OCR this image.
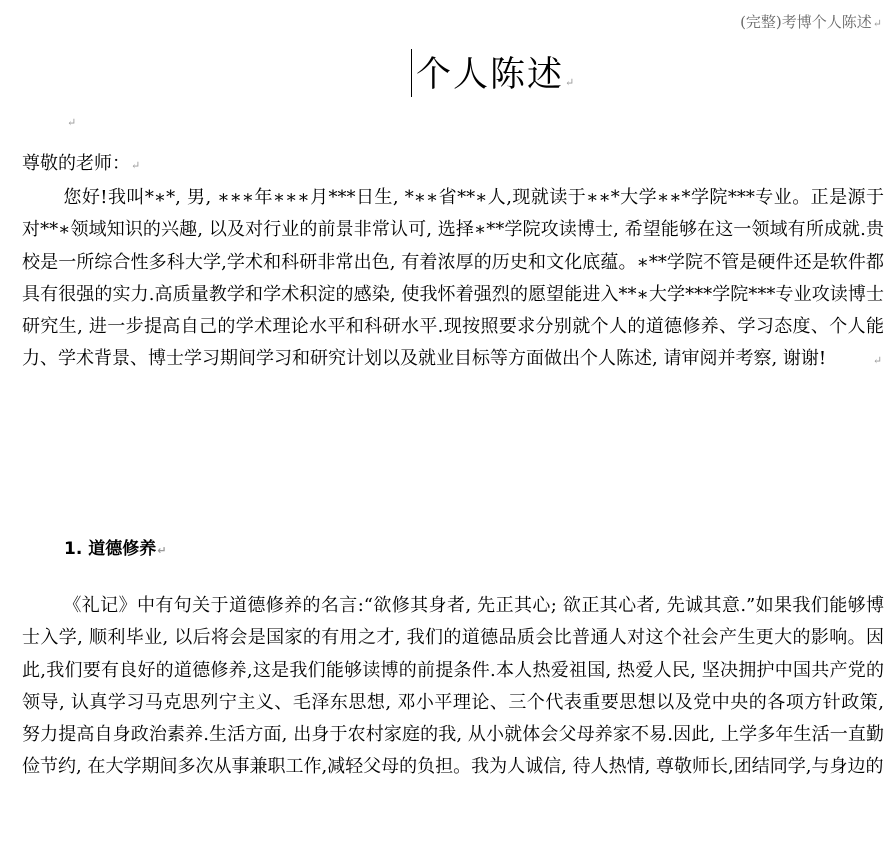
(完整)考博个人陈述↵
个人陈述↵
↵
尊敬的老师：↵

您好!我叫*∗*, 男, ∗∗∗年∗∗∗月***日生, *∗∗省**∗人,现就读于∗∗*大学∗∗*学院***专业。正是源于对**∗领域知识的兴趣, 以及对行业的前景非常认可, 选择∗**学院攻读博士, 希望能够在这一领域有所成就.贵校是一所综合性多科大学,学术和科研非常出色, 有着浓厚的历史和文化底蕴。∗**学院不管是硬件还是软件都具有很强的实力.高质量教学和学术积淀的感染, 使我怀着强烈的愿望能进入**∗大学***学院***专业攻读博士研究生, 进一步提高自己的学术理论水平和科研水平.现按照要求分别就个人的道德修养、学习态度、个人能力、学术背景、博士学习期间学习和研究计划以及就业目标等方面做出个人陈述, 请审阅并考察, 谢谢!	↵

1. 道德修养↵

《礼记》中有句关于道德修养的名言:“欲修其身者, 先正其心; 欲正其心者, 先诚其意.”如果我们能够博士入学, 顺利毕业, 以后将会是国家的有用之才, 我们的道德品质会比普通人对这个社会产生更大的影响。因此,我们要有良好的道德修养,这是我们能够读博的前提条件.本人热爱祖国, 热爱人民, 坚决拥护中国共产党的领导, 认真学习马克思列宁主义、毛泽东思想, 邓小平理论、三个代表重要思想以及党中央的各项方针政策, 努力提高自身政治素养.生活方面, 出身于农村家庭的我, 从小就体会父母养家不易.因此, 上学多年生活一直勤俭节约, 在大学期间多次从事兼职工作,减轻父母的负担。我为人诚信, 待人热情, 尊敬师长,团结同学,与身边的
